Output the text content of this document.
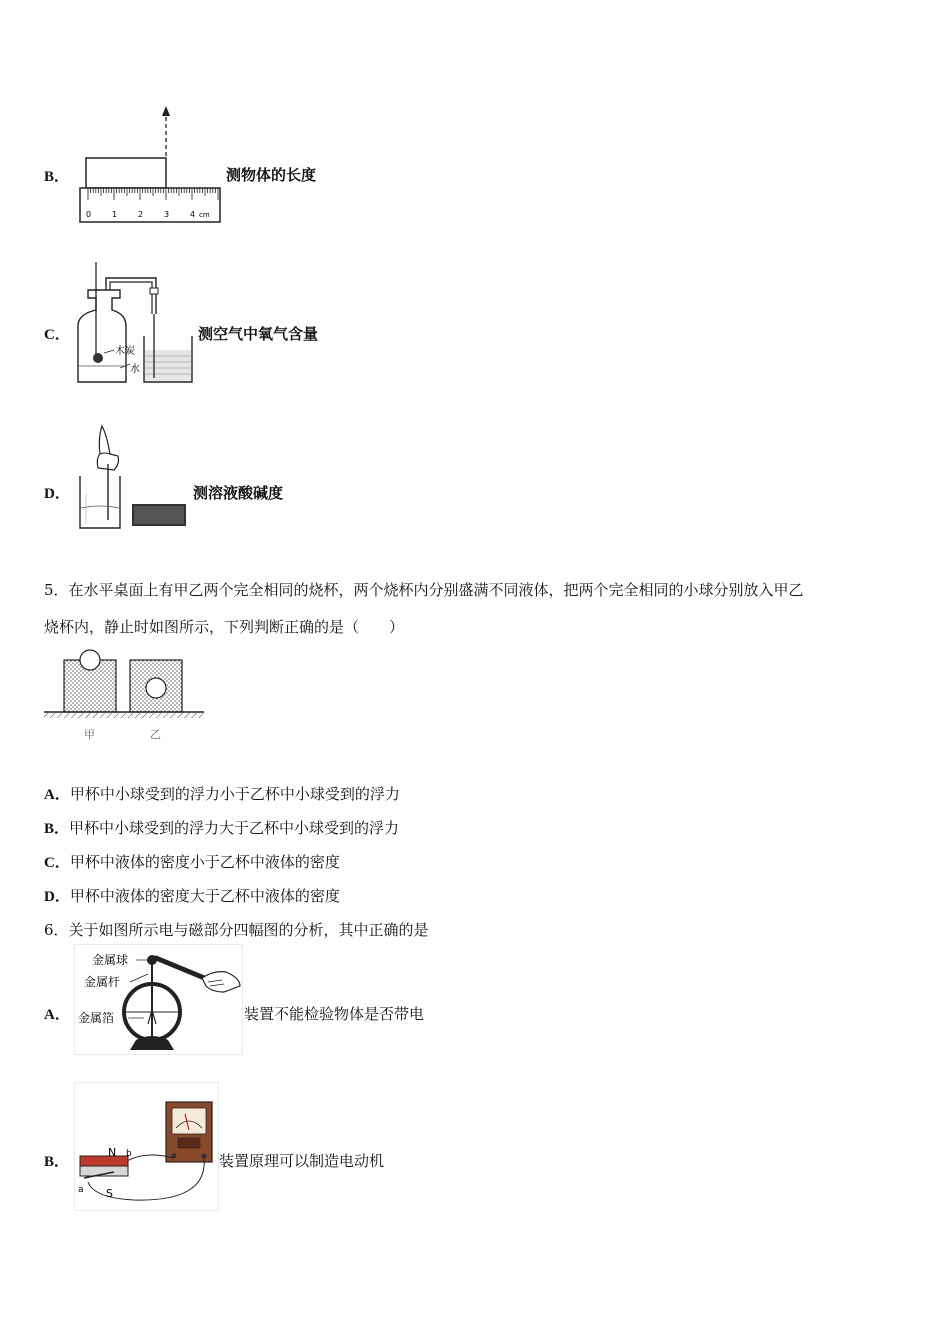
B．
0	1	2	3	4 cm
测物体的长度
C．
木炭
水
测空气中氧气含量
D．	测溶液酸碱度
5．在水平桌面上有甲乙两个完全相同的烧杯，两个烧杯内分别盛满不同液体，把两个完全相同的小球分别放入甲乙
烧杯内，静止时如图所示，下列判断正确的是（　　）
甲	乙
A．甲杯中小球受到的浮力小于乙杯中小球受到的浮力
B．甲杯中小球受到的浮力大于乙杯中小球受到的浮力
C．甲杯中液体的密度小于乙杯中液体的密度
D．甲杯中液体的密度大于乙杯中液体的密度
6．关于如图所示电与磁部分四幅图的分析，其中正确的是
A．
金属球
金属杆
金属箔	装置不能检验物体是否带电
B．
N
S
a
b	装置原理可以制造电动机
